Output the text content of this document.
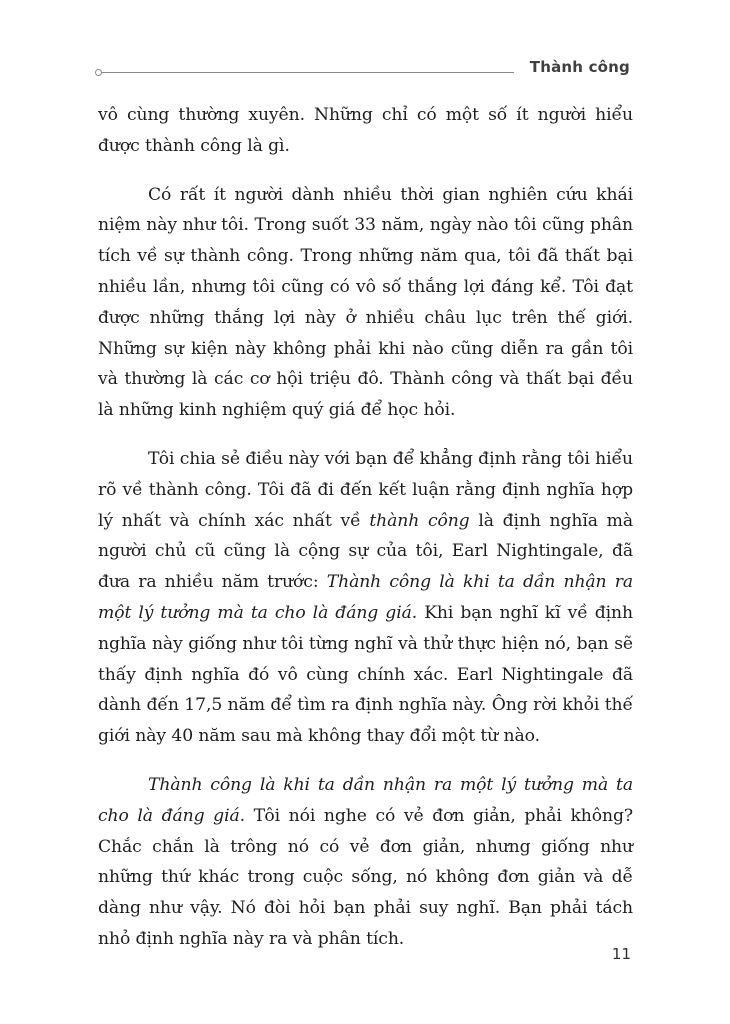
Thành công

vô cùng thường xuyên. Những chỉ có một số ít người hiểu được thành công là gì.

Có rất ít người dành nhiều thời gian nghiên cứu khái niệm này như tôi. Trong suốt 33 năm, ngày nào tôi cũng phân tích về sự thành công. Trong những năm qua, tôi đã thất bại nhiều lần, nhưng tôi cũng có vô số thắng lợi đáng kể. Tôi đạt được những thắng lợi này ở nhiều châu lục trên thế giới. Những sự kiện này không phải khi nào cũng diễn ra gần tôi và thường là các cơ hội triệu đô. Thành công và thất bại đều là những kinh nghiệm quý giá để học hỏi.

Tôi chia sẻ điều này với bạn để khẳng định rằng tôi hiểu rõ về thành công. Tôi đã đi đến kết luận rằng định nghĩa hợp lý nhất và chính xác nhất về thành công là định nghĩa mà người chủ cũ cũng là cộng sự của tôi, Earl Nightingale, đã đưa ra nhiều năm trước: Thành công là khi ta dần nhận ra một lý tưởng mà ta cho là đáng giá. Khi bạn nghĩ kĩ về định nghĩa này giống như tôi từng nghĩ và thử thực hiện nó, bạn sẽ thấy định nghĩa đó vô cùng chính xác. Earl Nightingale đã dành đến 17,5 năm để tìm ra định nghĩa này. Ông rời khỏi thế giới này 40 năm sau mà không thay đổi một từ nào.

Thành công là khi ta dần nhận ra một lý tưởng mà ta cho là đáng giá. Tôi nói nghe có vẻ đơn giản, phải không? Chắc chắn là trông nó có vẻ đơn giản, nhưng giống như những thứ khác trong cuộc sống, nó không đơn giản và dễ dàng như vậy. Nó đòi hỏi bạn phải suy nghĩ. Bạn phải tách nhỏ định nghĩa này ra và phân tích.

11
